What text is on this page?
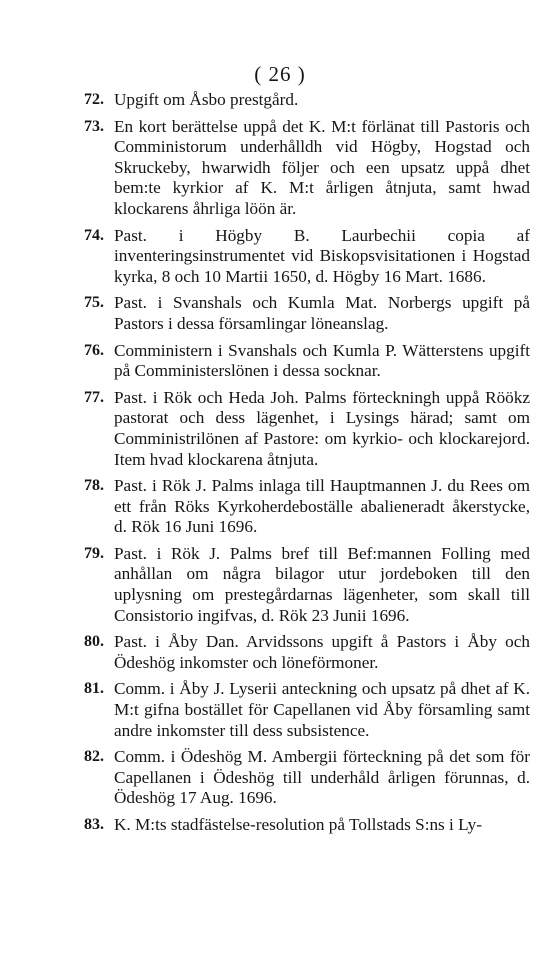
( 26 )
72. Upgift om Åsbo prestgård.
73. En kort berättelse uppå det K. M:t förlänat till Pastoris och Comministorum underhålldh vid Högby, Hogstad och Skruckeby, hwarwidh följer och een upsatz uppå dhet bem:te kyrkior af K. M:t årligen åtnjuta, samt hwad klockarens åhrliga löön är.
74. Past. i Högby B. Laurbechii copia af inventeringsinstrumentet vid Biskopsvisitationen i Hogstad kyrka, 8 och 10 Martii 1650, d. Högby 16 Mart. 1686.
75. Past. i Svanshals och Kumla Mat. Norbergs upgift på Pastors i dessa församlingar löneanslag.
76. Comministern i Svanshals och Kumla P. Wätterstens upgift på Comministerslönen i dessa socknar.
77. Past. i Rök och Heda Joh. Palms förteckningh uppå Röökz pastorat och dess lägenhet, i Lysings härad; samt om Comministrilönen af Pastore: om kyrkio- och klockarejord. Item hvad klockarena åtnjuta.
78. Past. i Rök J. Palms inlaga till Hauptmannen J. du Rees om ett från Röks Kyrkoherdeboställe abalieneradt åkerstycke, d. Rök 16 Juni 1696.
79. Past. i Rök J. Palms bref till Bef:mannen Folling med anhållan om några bilagor utur jordeboken till den uplysning om prestegårdarnas lägenheter, som skall till Consistorio ingifvas, d. Rök 23 Junii 1696.
80. Past. i Åby Dan. Arvidssons upgift å Pastors i Åby och Ödeshög inkomster och löneförmoner.
81. Comm. i Åby J. Lyserii anteckning och upsatz på dhet af K. M:t gifna bostället för Capellanen vid Åby församling samt andre inkomster till dess subsistence.
82. Comm. i Ödeshög M. Ambergii förteckning på det som för Capellanen i Ödeshög till underhåld årligen förunnas, d. Ödeshög 17 Aug. 1696.
83. K. M:ts stadfästelse-resolution på Tollstads S:ns i Ly-
